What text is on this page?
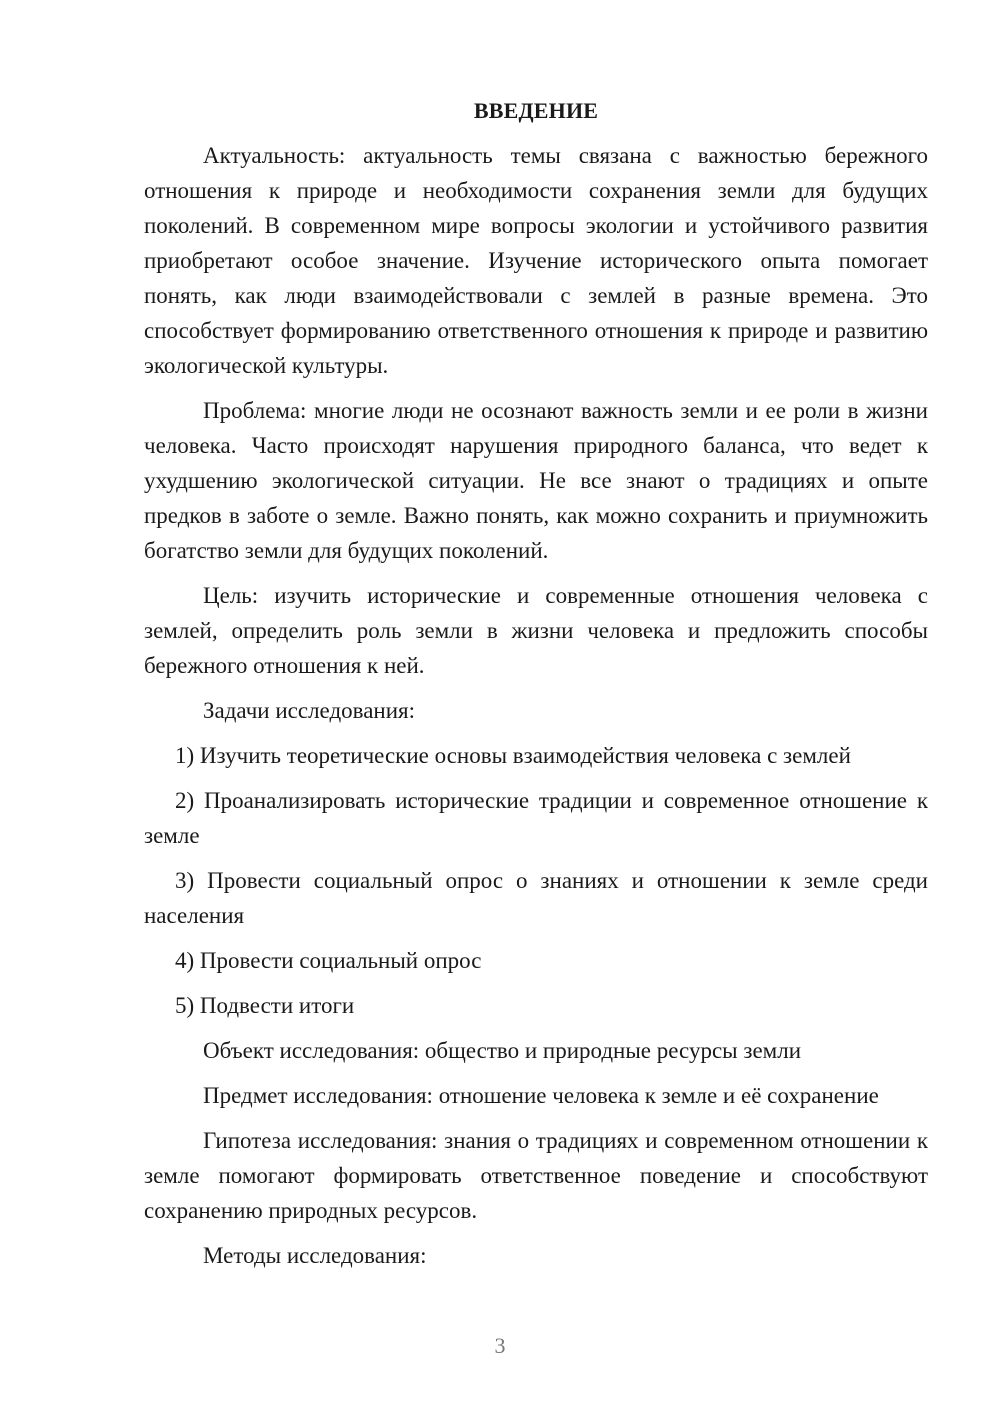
ВВЕДЕНИЕ

Актуальность: актуальность темы связана с важностью бережного отношения к природе и необходимости сохранения земли для будущих поколений. В современном мире вопросы экологии и устойчивого развития приобретают особое значение. Изучение исторического опыта помогает понять, как люди взаимодействовали с землей в разные времена. Это способствует формированию ответственного отношения к природе и развитию экологической культуры.

Проблема: многие люди не осознают важность земли и ее роли в жизни человека. Часто происходят нарушения природного баланса, что ведет к ухудшению экологической ситуации. Не все знают о традициях и опыте предков в заботе о земле. Важно понять, как можно сохранить и приумножить богатство земли для будущих поколений.

Цель: изучить исторические и современные отношения человека с землей, определить роль земли в жизни человека и предложить способы бережного отношения к ней.

Задачи исследования:

1) Изучить теоретические основы взаимодействия человека с землей

2) Проанализировать исторические традиции и современное отношение к земле

3) Провести социальный опрос о знаниях и отношении к земле среди населения

4) Провести социальный опрос

5) Подвести итоги

Объект исследования: общество и природные ресурсы земли

Предмет исследования: отношение человека к земле и её сохранение

Гипотеза исследования: знания о традициях и современном отношении к земле помогают формировать ответственное поведение и способствуют сохранению природных ресурсов.

Методы исследования:

3
